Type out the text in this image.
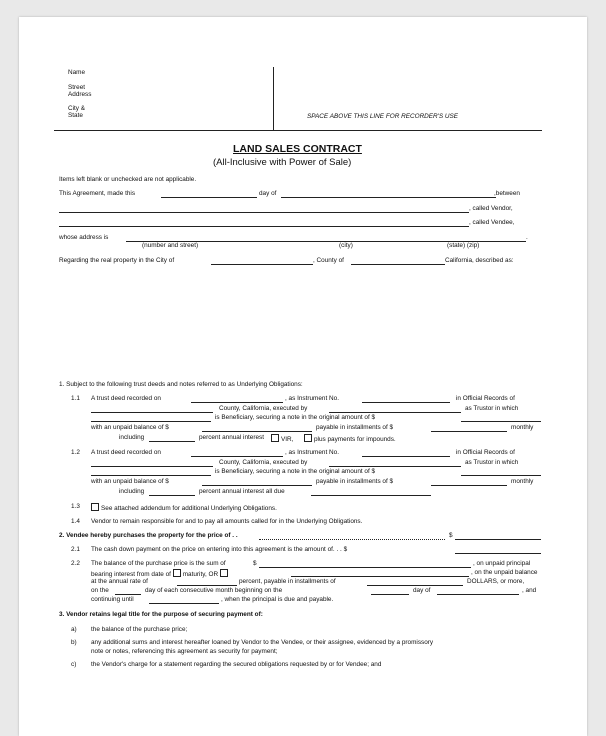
Name
Street
Address
City &
State	SPACE ABOVE THIS LINE FOR RECORDER'S USE
LAND SALES CONTRACT
(All-Inclusive with Power of Sale)
Items left blank or unchecked are not applicable.
This Agreement, made this	day of	,between
, called Vendor,
, called Vendee,
whose address is	.
(number and street)	(city)	(state) (zip)
Regarding the real property in the City of	, County of	California, described as:
1. Subject to the following trust deeds and notes referred to as Underlying Obligations:
1.1 A trust deed recorded on	, as Instrument No.	in Official Records of
County, California, executed by	as Trustor in which
is Beneficiary, securing a note in the original amount of $
with an unpaid balance of $	payable in installments of $	monthly
including	percent annual interest	VIR,	plus payments for impounds.
1.2 A trust deed recorded on	, as Instrument No.	in Official Records of
County, California, executed by	as Trustor in which
is Beneficiary, securing a note in the original amount of $
with an unpaid balance of $	payable in installments of $	monthly
including	percent annual interest all due
1.3	See attached addendum for additional Underlying Obligations.
1.4 Vendor to remain responsible for and to pay all amounts called for in the Underlying Obligations.
2. Vendee hereby purchases the property for the price of . .	$
2.1 The cash down payment on the price on entering into this agreement is the amount of. . . $
2.2 The balance of the purchase price is the sum of	$	, on unpaid principal
bearing interest from date of maturity, OR	, on the unpaid balance
at the annual rate of	percent, payable in installments of	DOLLARS, or more,
on the	day of each consecutive month beginning on the	day of	, and
continuing until	, when the principal is due and payable.
3. Vendor retains legal title for the purpose of securing payment of:
a) the balance of the purchase price;
b) any additional sums and interest hereafter loaned by Vendor to the Vendee, or their assignee, evidenced by a promissory
note or notes, referencing this agreement as security for payment;
c) the Vendor's charge for a statement regarding the secured obligations requested by or for Vendee; and
